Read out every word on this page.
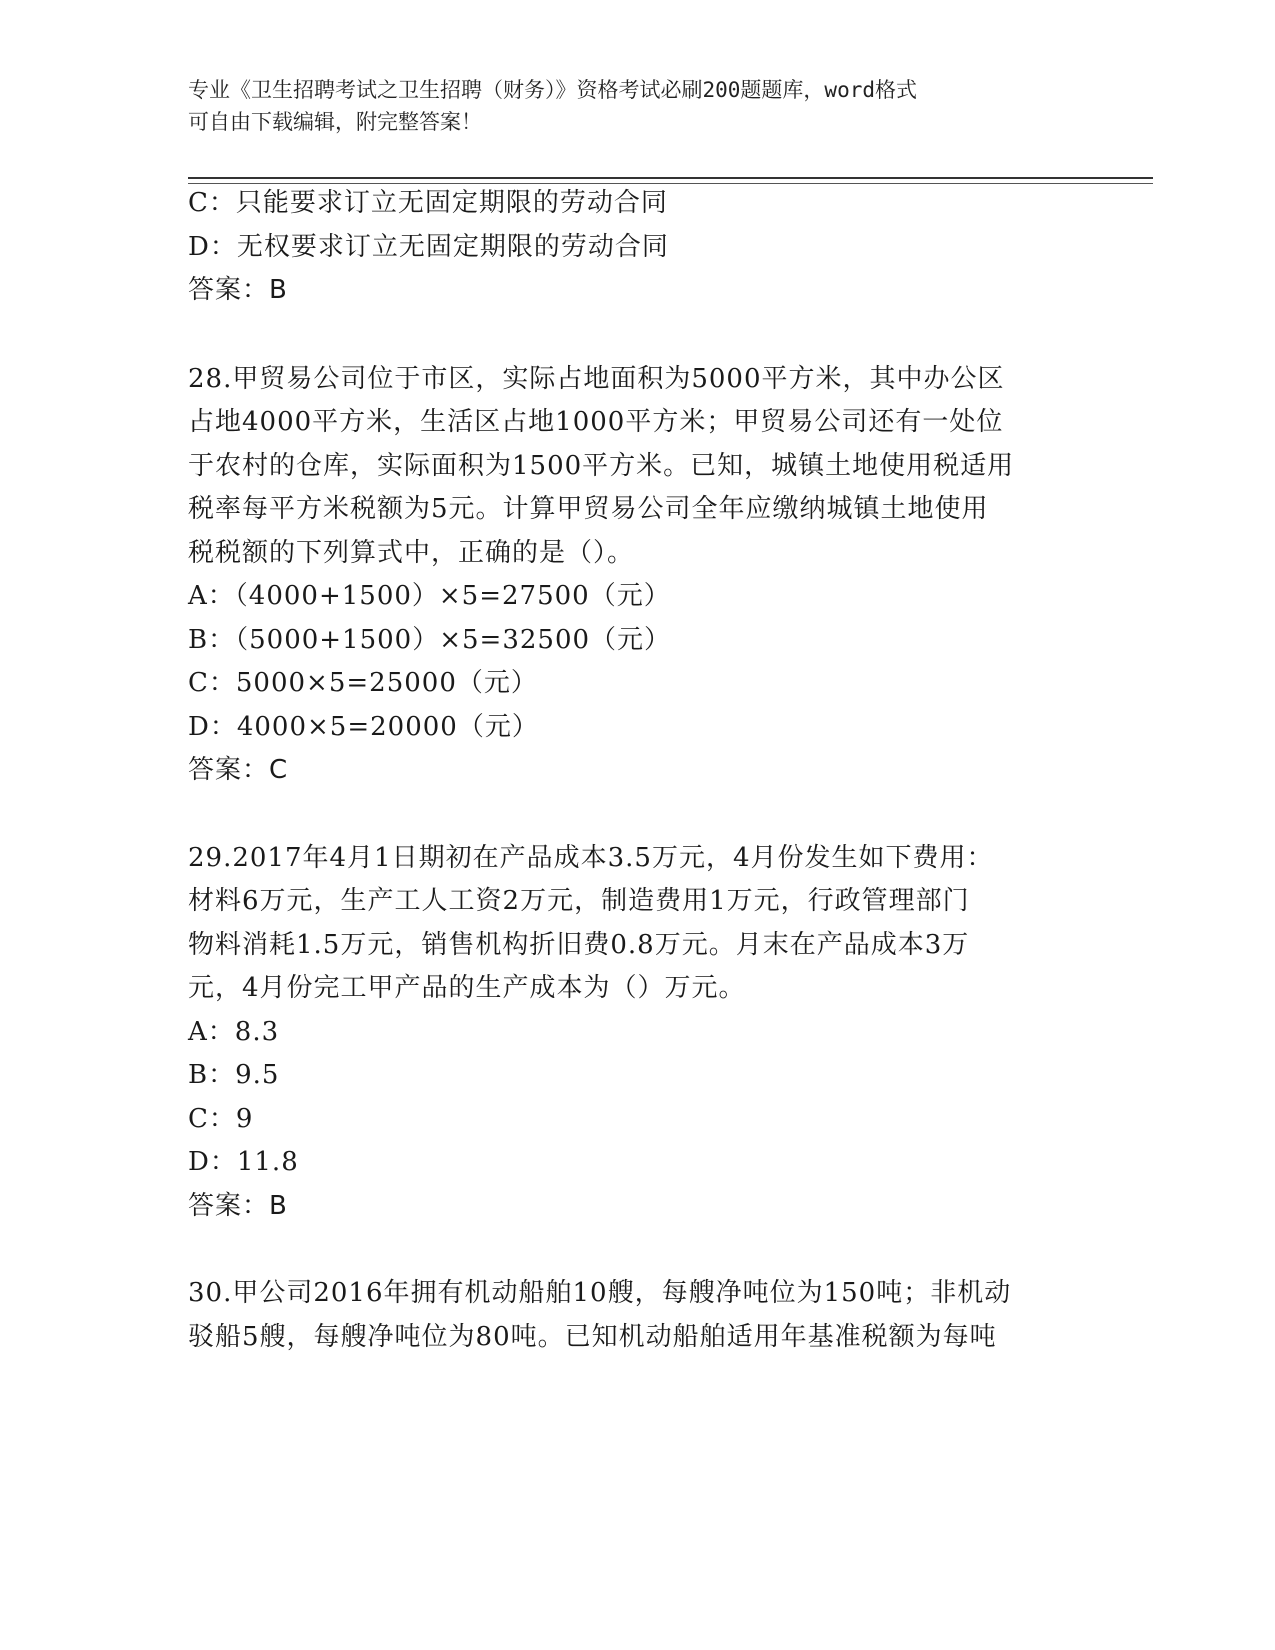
专业《卫生招聘考试之卫生招聘（财务）》资格考试必刷200题题库，word格式
可自由下载编辑，附完整答案！
C：只能要求订立无固定期限的劳动合同
D：无权要求订立无固定期限的劳动合同
答案：B
28.甲贸易公司位于市区，实际占地面积为5000平方米，其中办公区
占地4000平方米，生活区占地1000平方米；甲贸易公司还有一处位
于农村的仓库，实际面积为1500平方米。已知，城镇土地使用税适用
税率每平方米税额为5元。计算甲贸易公司全年应缴纳城镇土地使用
税税额的下列算式中，正确的是（）。
A：（4000+1500）×5=27500（元）
B：（5000+1500）×5=32500（元）
C：5000×5=25000（元）
D：4000×5=20000（元）
答案：C
29.2017年4月1日期初在产品成本3.5万元，4月份发生如下费用：
材料6万元，生产工人工资2万元，制造费用1万元，行政管理部门
物料消耗1.5万元，销售机构折旧费0.8万元。月末在产品成本3万
元，4月份完工甲产品的生产成本为（）万元。
A：8.3
B：9.5
C：9
D：11.8
答案：B
30.甲公司2016年拥有机动船舶10艘，每艘净吨位为150吨；非机动
驳船5艘，每艘净吨位为80吨。已知机动船舶适用年基准税额为每吨
